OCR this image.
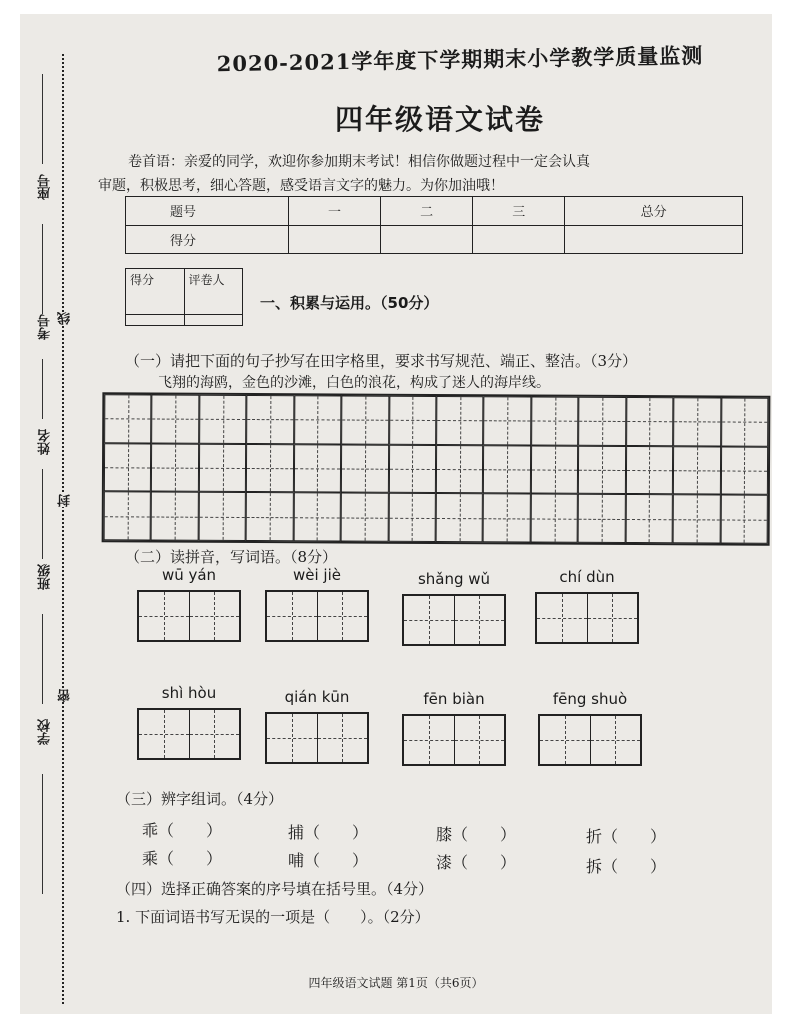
座号
考号
姓名
班级
学校
线
封
密
2020-2021学年度下学期期末小学教学质量监测
四年级语文试卷
卷首语：亲爱的同学，欢迎你参加期末考试！相信你做题过程中一定会认真
审题，积极思考，细心答题，感受语言文字的魅力。为你加油哦！
题号	一	二	三	总分
得分				
得分	评卷人

一、积累与运用。（50分）
（一）请把下面的句子抄写在田字格里，要求书写规范、端正、整洁。（3分）
飞翔的海鸥，金色的沙滩，白色的浪花，构成了迷人的海岸线。
（二）读拼音，写词语。（8分）
wū yán	wèi jiè	shǎng wǔ	chí dùn
shì hòu	qián kūn	fēn biàn	fēng shuò
（三）辨字组词。（4分）
乖（　　）	捕（　　）	膝（　　）	折（　　）
乘（　　）	哺（　　）	漆（　　）	拆（　　）
（四）选择正确答案的序号填在括号里。（4分）
1. 下面词语书写无误的一项是（　　）。（2分）
四年级语文试题 第1页（共6页）
